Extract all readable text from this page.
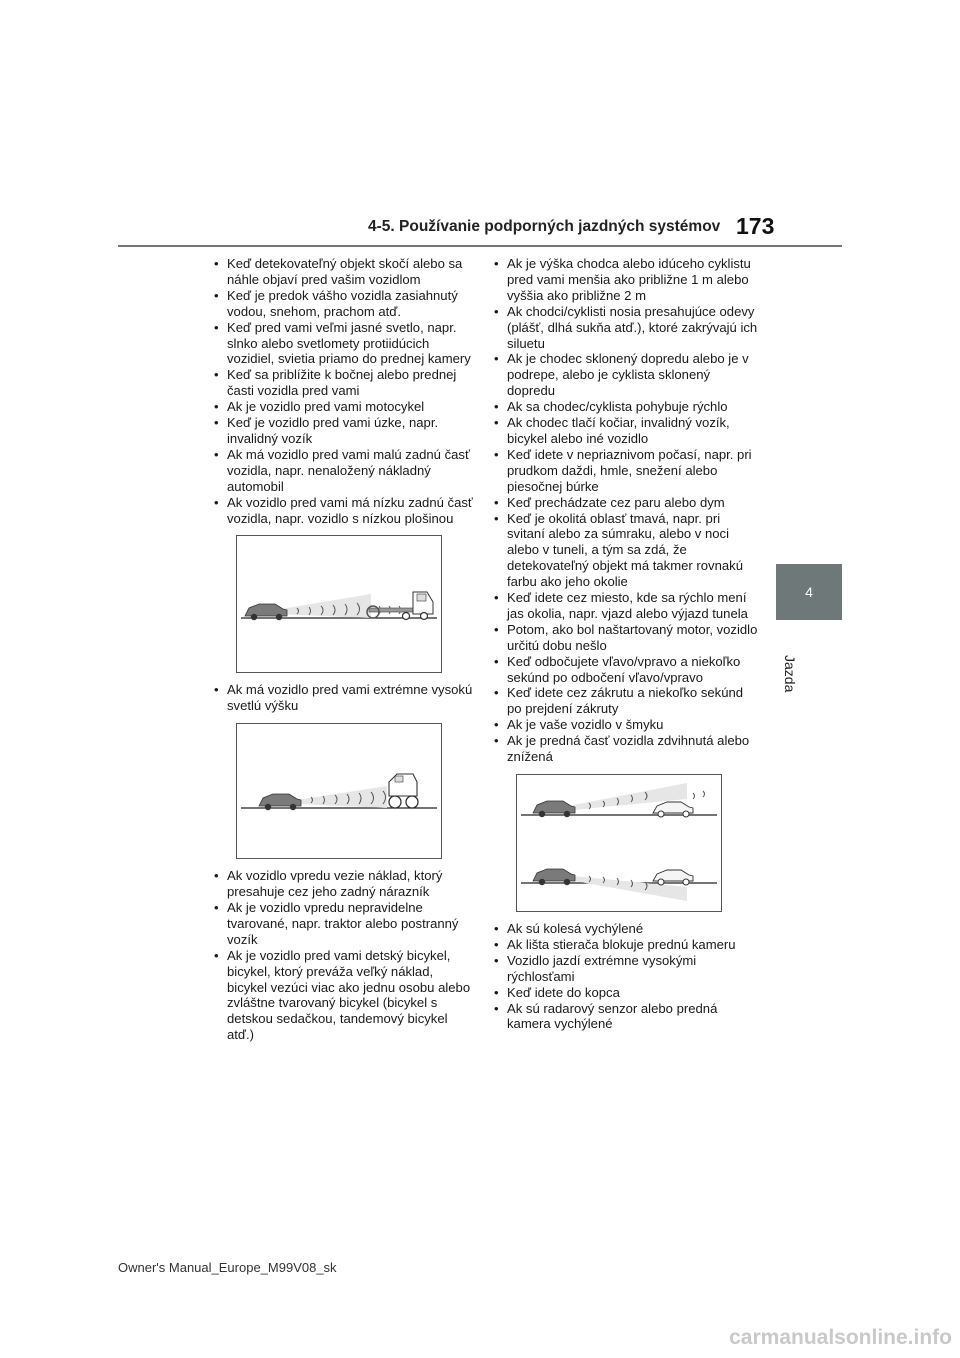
4-5. Používanie podporných jazdných systémov 173
4
Jazda
• Keď detekovateľný objekt skočí alebo sa náhle objaví pred vašim vozidlom
• Keď je predok vášho vozidla zasiahnutý vodou, snehom, prachom atď.
• Keď pred vami veľmi jasné svetlo, napr. slnko alebo svetlomety protiidúcich vozidiel, svietia priamo do prednej kamery
• Keď sa priblížite k bočnej alebo prednej časti vozidla pred vami
• Ak je vozidlo pred vami motocykel
• Keď je vozidlo pred vami úzke, napr. invalidný vozík
• Ak má vozidlo pred vami malú zadnú časť vozidla, napr. nenaložený nákladný automobil
• Ak vozidlo pred vami má nízku zadnú časť vozidla, napr. vozidlo s nízkou plošinou
• Ak má vozidlo pred vami extrémne vysokú svetlú výšku
• Ak vozidlo vpredu vezie náklad, ktorý presahuje cez jeho zadný nárazník
• Ak je vozidlo vpredu nepravidelne tvarované, napr. traktor alebo postranný vozík
• Ak je vozidlo pred vami detský bicykel, bicykel, ktorý preváža veľký náklad, bicykel vezúci viac ako jednu osobu alebo zvláštne tvarovaný bicykel (bicykel s detskou sedačkou, tandemový bicykel atď.)
• Ak je výška chodca alebo idúceho cyklistu pred vami menšia ako približne 1 m alebo vyššia ako približne 2 m
• Ak chodci/cyklisti nosia presahujúce odevy (plášť, dlhá sukňa atď.), ktoré zakrývajú ich siluetu
• Ak je chodec sklonený dopredu alebo je v podrepe, alebo je cyklista sklonený dopredu
• Ak sa chodec/cyklista pohybuje rýchlo
• Ak chodec tlačí kočiar, invalidný vozík, bicykel alebo iné vozidlo
• Keď idete v nepriaznivom počasí, napr. pri prudkom daždi, hmle, snežení alebo piesočnej búrke
• Keď prechádzate cez paru alebo dym
• Keď je okolitá oblasť tmavá, napr. pri svitaní alebo za súmraku, alebo v noci alebo v tuneli, a tým sa zdá, že detekovateľný objekt má takmer rovnakú farbu ako jeho okolie
• Keď idete cez miesto, kde sa rýchlo mení jas okolia, napr. vjazd alebo výjazd tunela
• Potom, ako bol naštartovaný motor, vozidlo určitú dobu nešlo
• Keď odbočujete vľavo/vpravo a niekoľko sekúnd po odbočení vľavo/vpravo
• Keď idete cez zákrutu a niekoľko sekúnd po prejdení zákruty
• Ak je vaše vozidlo v šmyku
• Ak je predná časť vozidla zdvihnutá alebo znížená
• Ak sú kolesá vychýlené
• Ak lišta stierača blokuje prednú kameru
• Vozidlo jazdí extrémne vysokými rýchlosťami
• Keď idete do kopca
• Ak sú radarový senzor alebo predná kamera vychýlené
Owner's Manual_Europe_M99V08_sk
carmanualsonline.info
